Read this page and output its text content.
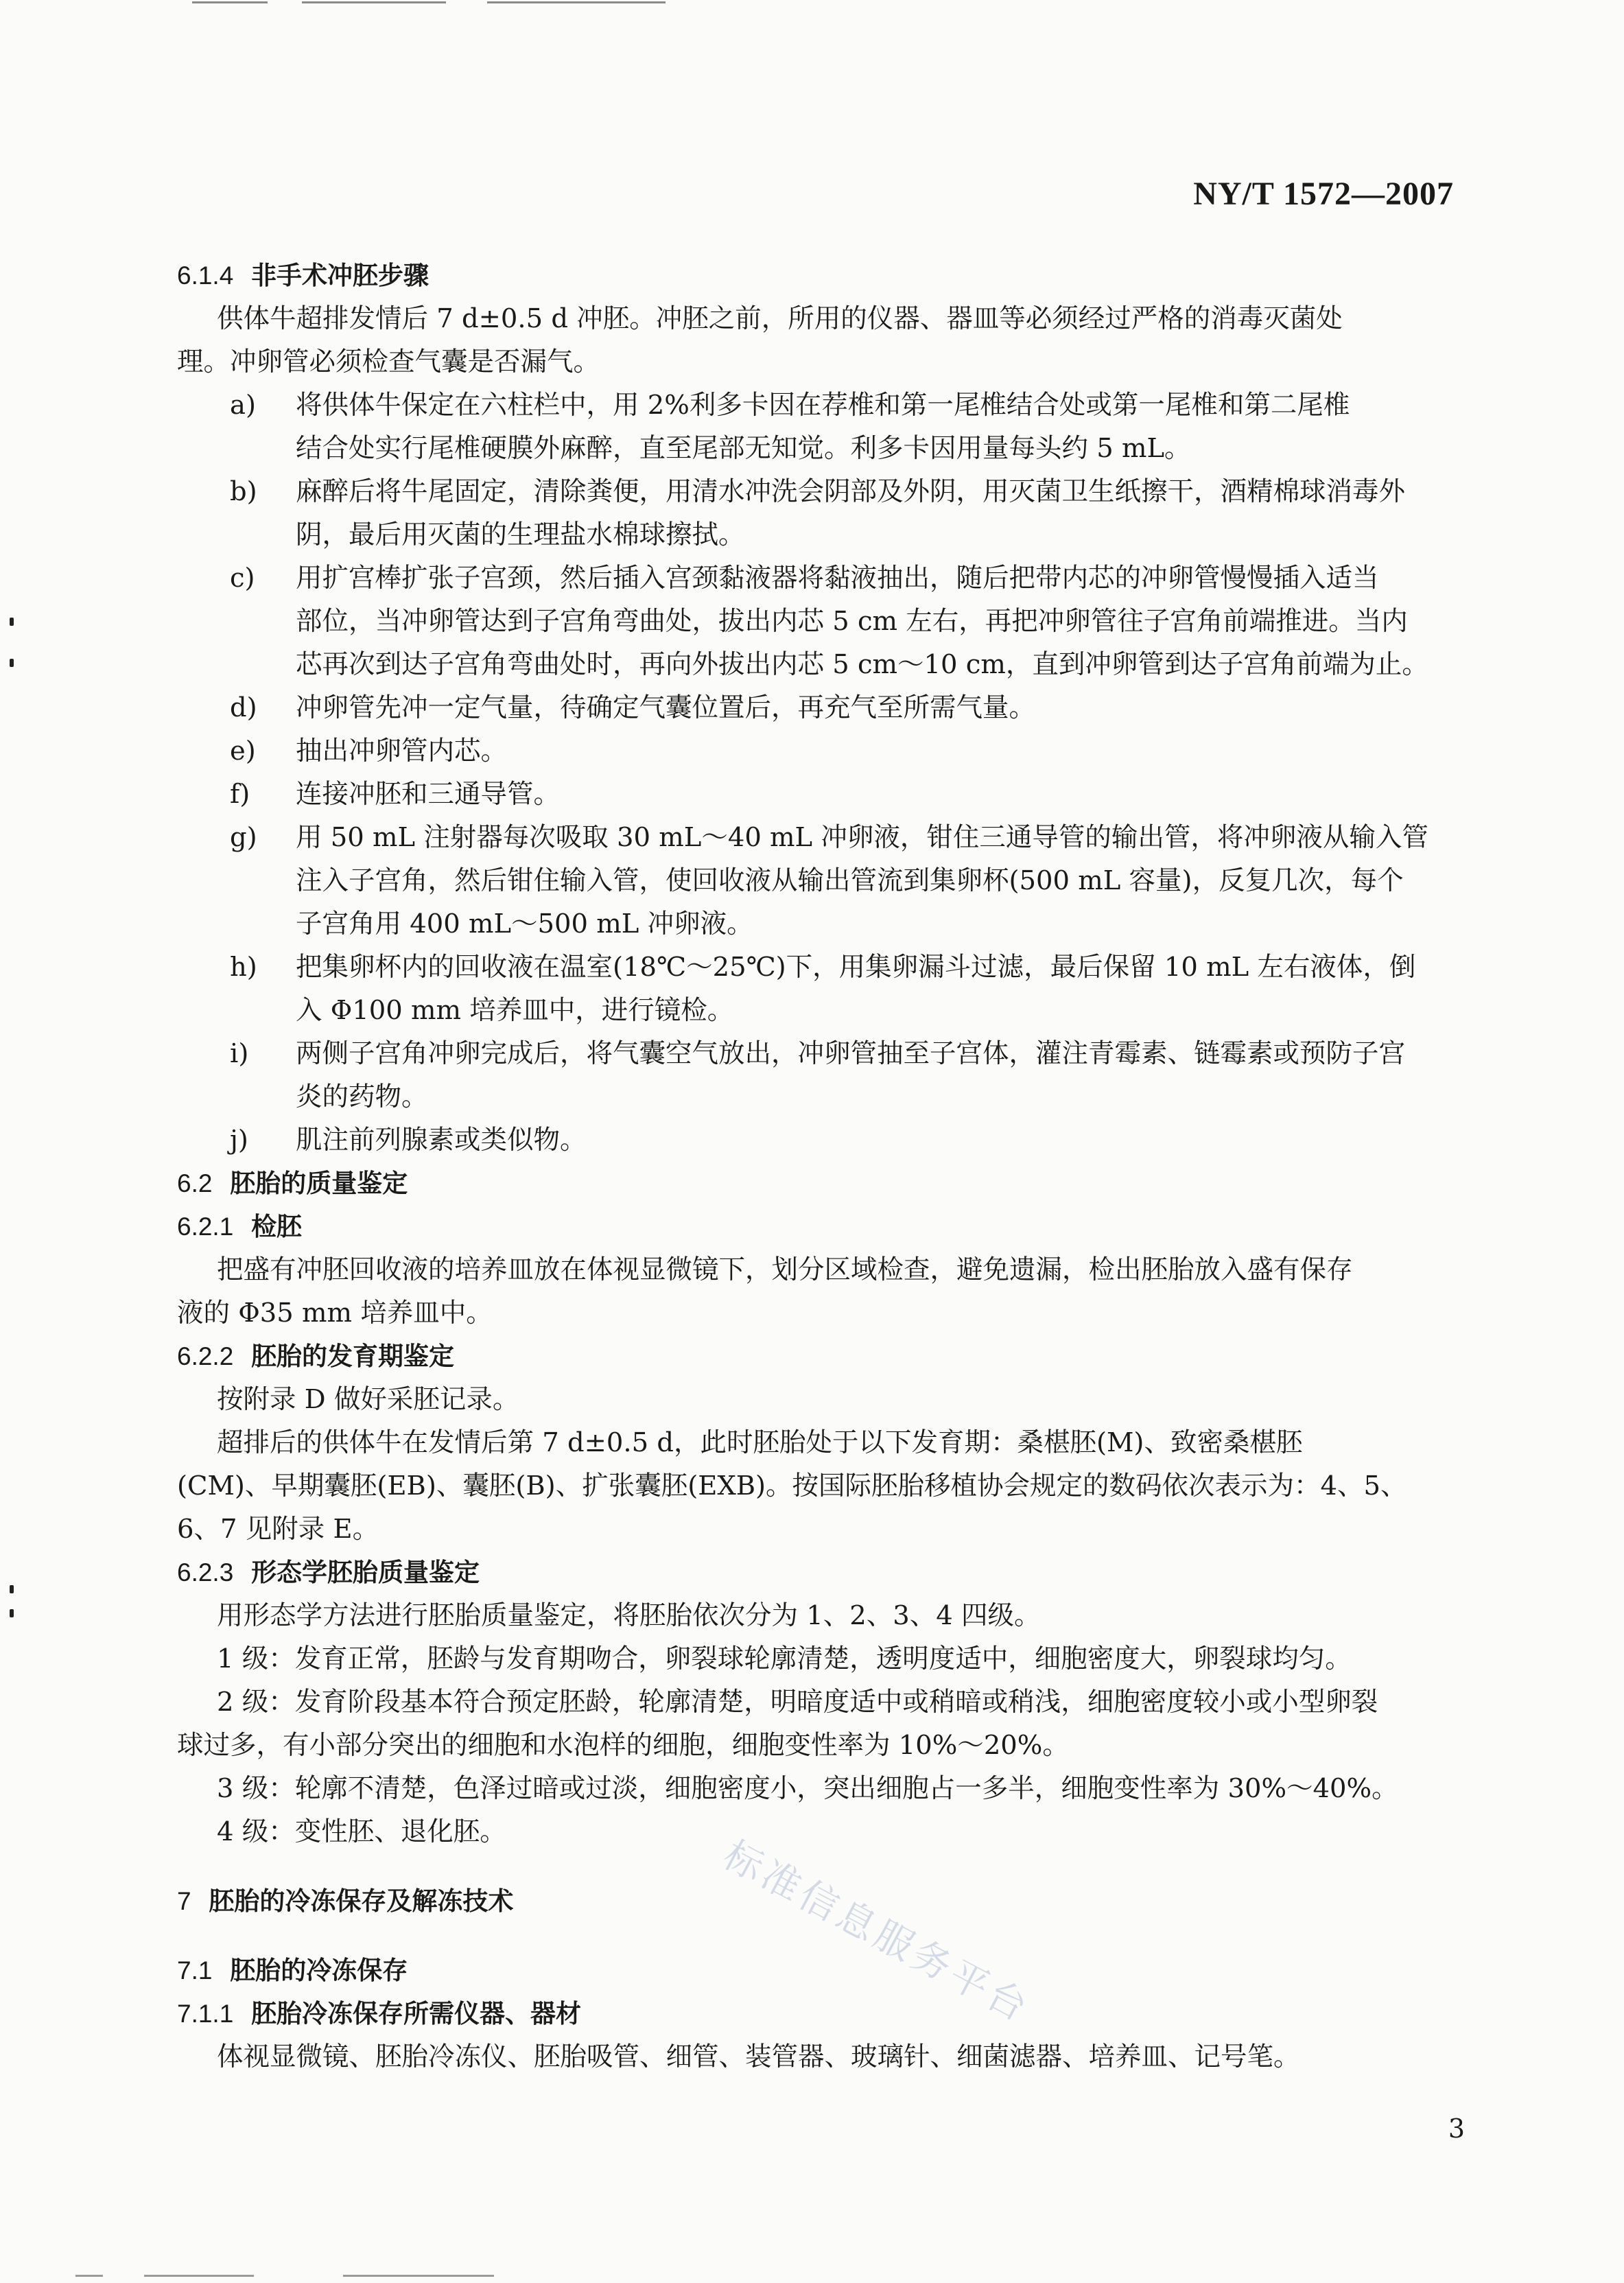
NY/T 1572—2007
标准信息服务平台
6.1.4 非手术冲胚步骤
供体牛超排发情后 7 d±0.5 d 冲胚。冲胚之前，所用的仪器、器皿等必须经过严格的消毒灭菌处
理。冲卵管必须检查气囊是否漏气。
a) 将供体牛保定在六柱栏中，用 2%利多卡因在荐椎和第一尾椎结合处或第一尾椎和第二尾椎
结合处实行尾椎硬膜外麻醉，直至尾部无知觉。利多卡因用量每头约 5 mL。
b) 麻醉后将牛尾固定，清除粪便，用清水冲洗会阴部及外阴，用灭菌卫生纸擦干，酒精棉球消毒外
阴，最后用灭菌的生理盐水棉球擦拭。
c) 用扩宫棒扩张子宫颈，然后插入宫颈黏液器将黏液抽出，随后把带内芯的冲卵管慢慢插入适当
部位，当冲卵管达到子宫角弯曲处，拔出内芯 5 cm 左右，再把冲卵管往子宫角前端推进。当内
芯再次到达子宫角弯曲处时，再向外拔出内芯 5 cm～10 cm，直到冲卵管到达子宫角前端为止。
d) 冲卵管先冲一定气量，待确定气囊位置后，再充气至所需气量。
e) 抽出冲卵管内芯。
f) 连接冲胚和三通导管。
g) 用 50 mL 注射器每次吸取 30 mL～40 mL 冲卵液，钳住三通导管的输出管，将冲卵液从输入管
注入子宫角，然后钳住输入管，使回收液从输出管流到集卵杯(500 mL 容量)，反复几次，每个
子宫角用 400 mL～500 mL 冲卵液。
h) 把集卵杯内的回收液在温室(18℃～25℃)下，用集卵漏斗过滤，最后保留 10 mL 左右液体，倒
入 Φ100 mm 培养皿中，进行镜检。
i) 两侧子宫角冲卵完成后，将气囊空气放出，冲卵管抽至子宫体，灌注青霉素、链霉素或预防子宫
炎的药物。
j) 肌注前列腺素或类似物。
6.2 胚胎的质量鉴定
6.2.1 检胚
把盛有冲胚回收液的培养皿放在体视显微镜下，划分区域检查，避免遗漏，检出胚胎放入盛有保存
液的 Φ35 mm 培养皿中。
6.2.2 胚胎的发育期鉴定
按附录 D 做好采胚记录。
超排后的供体牛在发情后第 7 d±0.5 d，此时胚胎处于以下发育期：桑椹胚(M)、致密桑椹胚
(CM)、早期囊胚(EB)、囊胚(B)、扩张囊胚(EXB)。按国际胚胎移植协会规定的数码依次表示为：4、5、
6、7 见附录 E。
6.2.3 形态学胚胎质量鉴定
用形态学方法进行胚胎质量鉴定，将胚胎依次分为 1、2、3、4 四级。
1 级：发育正常，胚龄与发育期吻合，卵裂球轮廓清楚，透明度适中，细胞密度大，卵裂球均匀。
2 级：发育阶段基本符合预定胚龄，轮廓清楚，明暗度适中或稍暗或稍浅，细胞密度较小或小型卵裂
球过多，有小部分突出的细胞和水泡样的细胞，细胞变性率为 10%～20%。
3 级：轮廓不清楚，色泽过暗或过淡，细胞密度小，突出细胞占一多半，细胞变性率为 30%～40%。
4 级：变性胚、退化胚。
7 胚胎的冷冻保存及解冻技术
7.1 胚胎的冷冻保存
7.1.1 胚胎冷冻保存所需仪器、器材
体视显微镜、胚胎冷冻仪、胚胎吸管、细管、装管器、玻璃针、细菌滤器、培养皿、记号笔。
3
